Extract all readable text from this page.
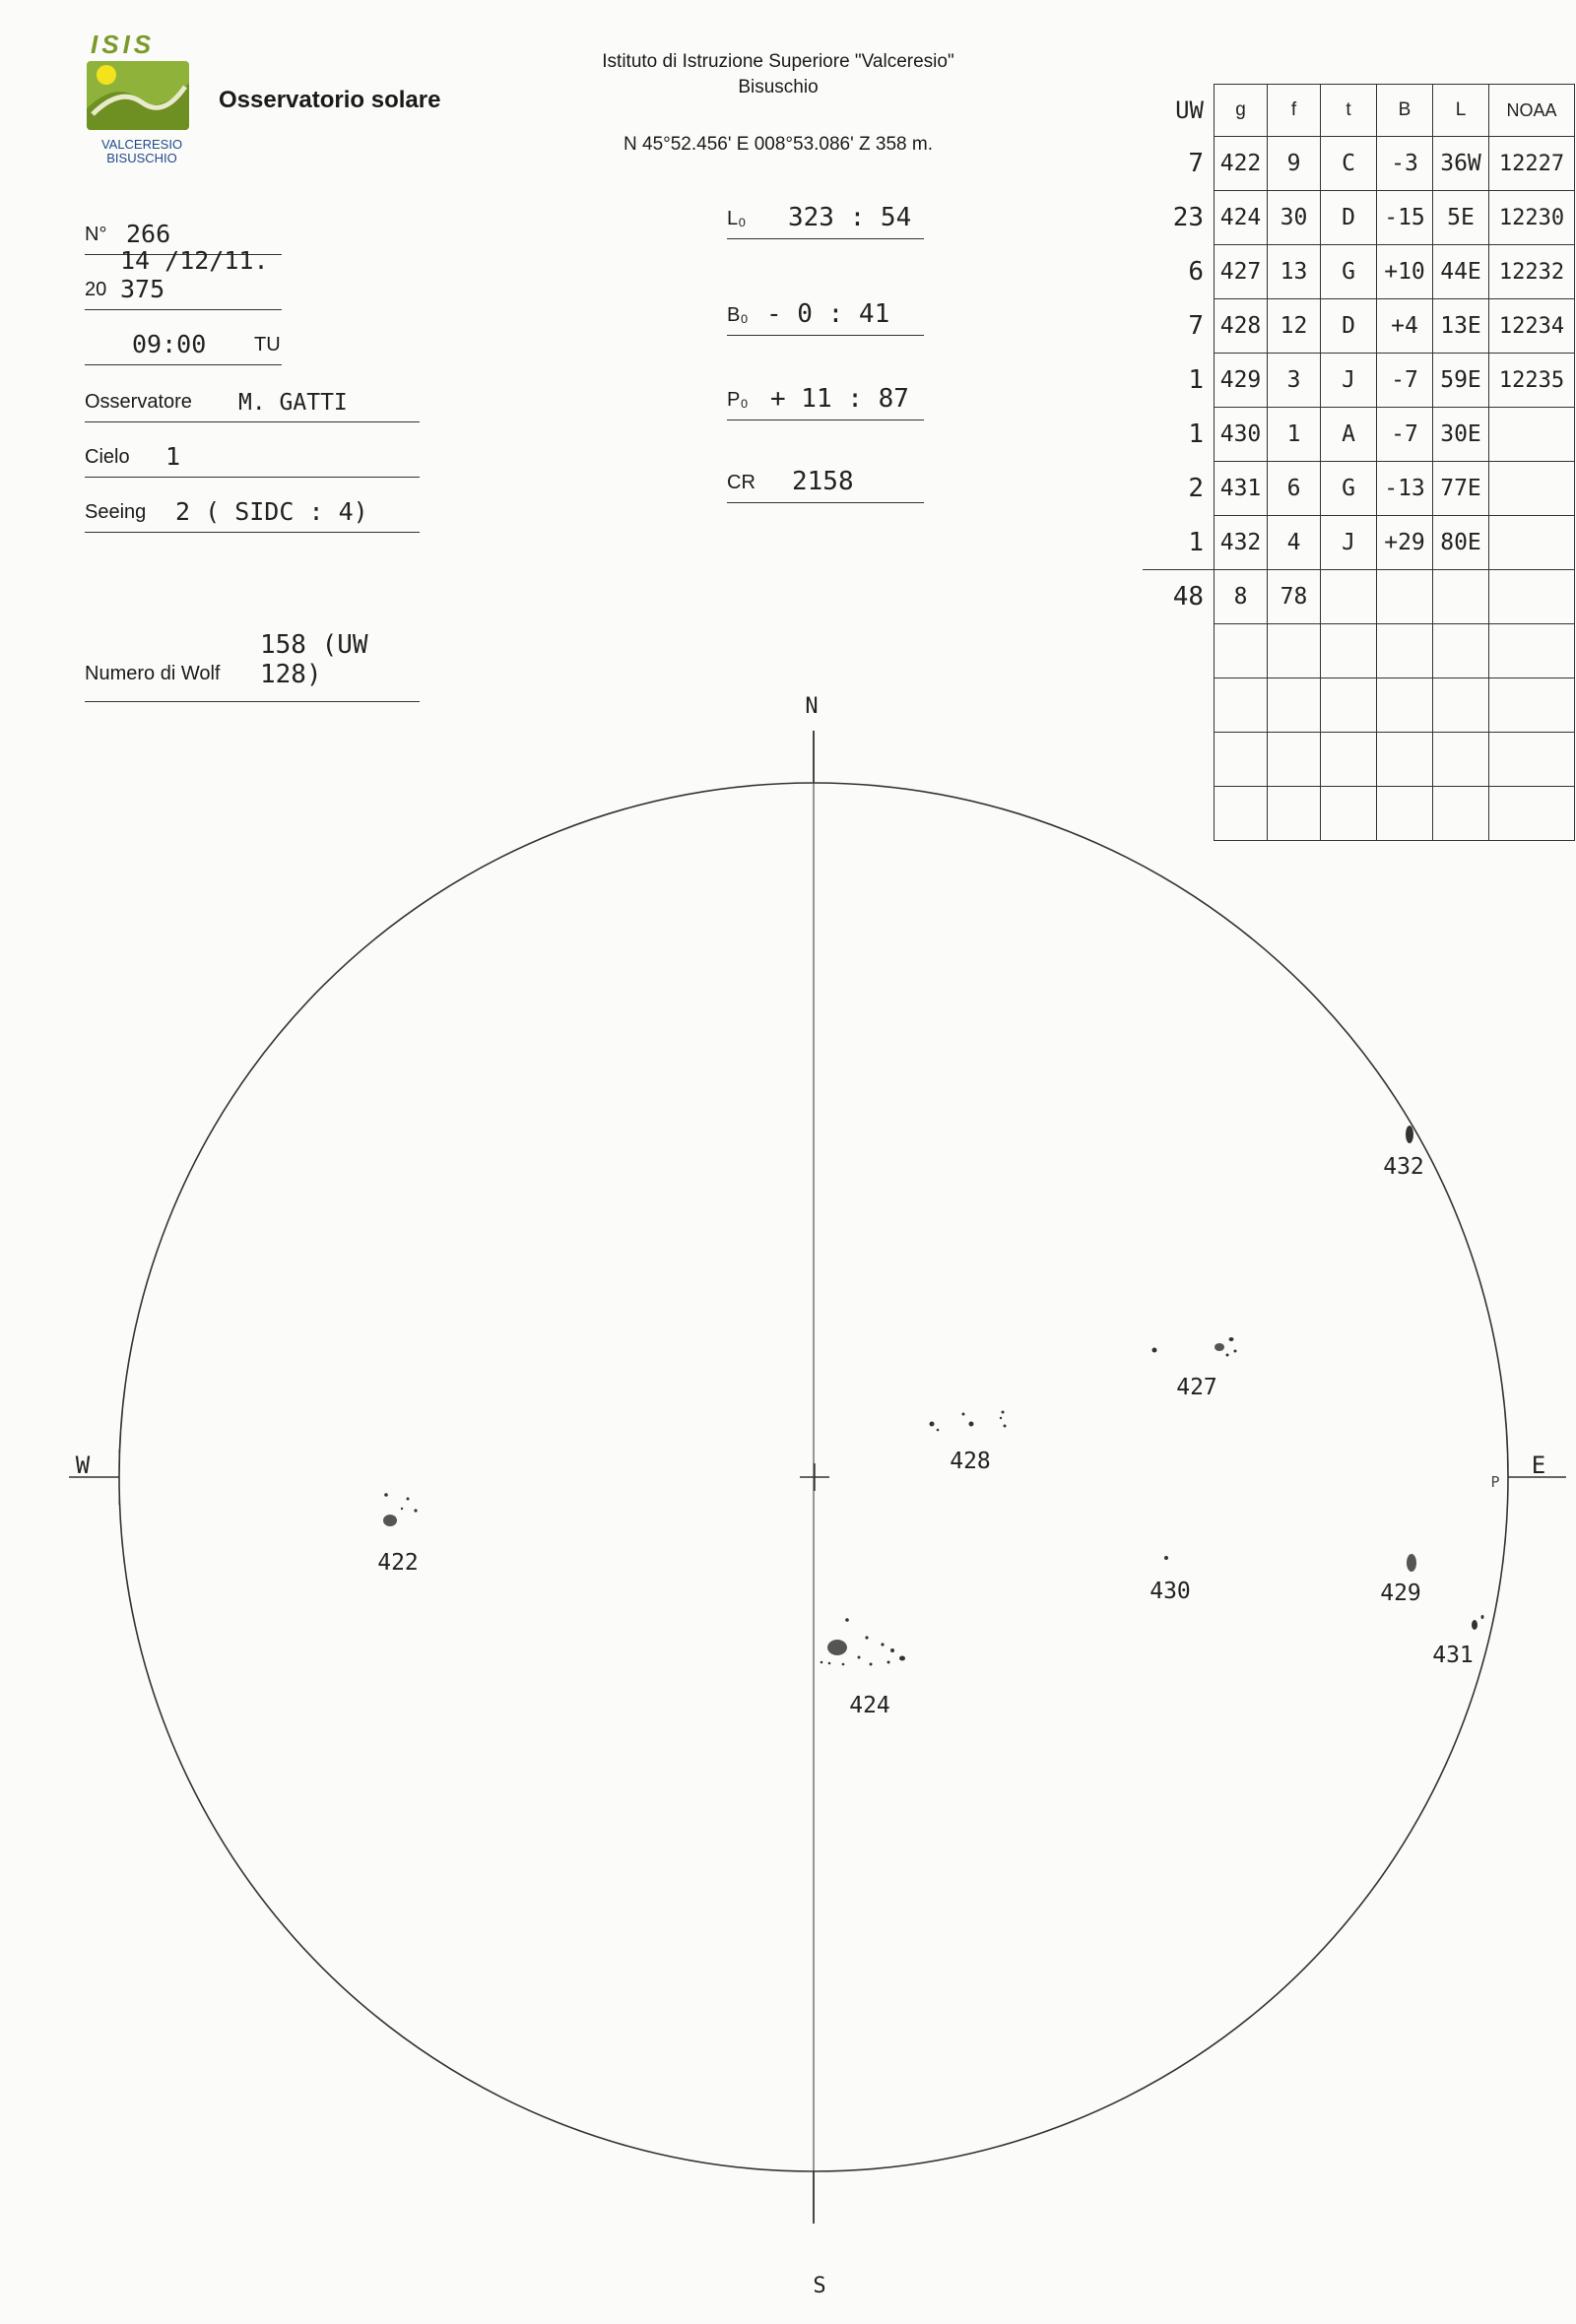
ISIS
VALCERESIO
BISUSCHIO
Osservatorio solare
Istituto di Istruzione Superiore "Valceresio"
Bisuschio
N 45°52.456' E 008°53.086' Z 358 m.
N° 266
20
14 /12/11. 375
09:00 TU
Osservatore M. GATTI
Cielo 1
Seeing 2 ( SIDC : 4)
L₀ 323 : 54
B₀ - 0 : 41
P₀ + 11 : 87
CR 2158
Numero di Wolf
158 (UW 128)
UW	g	f	t	B	L	NOAA
7	422	9	C	-3	36W	12227
23	424	30	D	-15	5E	12230
6	427	13	G	+10	44E	12232
7	428	12	D	+4	13E	12234
1	429	3	J	-7	59E	12235
1	430	1	A	-7	30E	
2	431	6	G	-13	77E	
1	432	4	J	+29	80E	
48	8	78				

N
S
W	E
P
422
424
427
428
429
430
431
432
